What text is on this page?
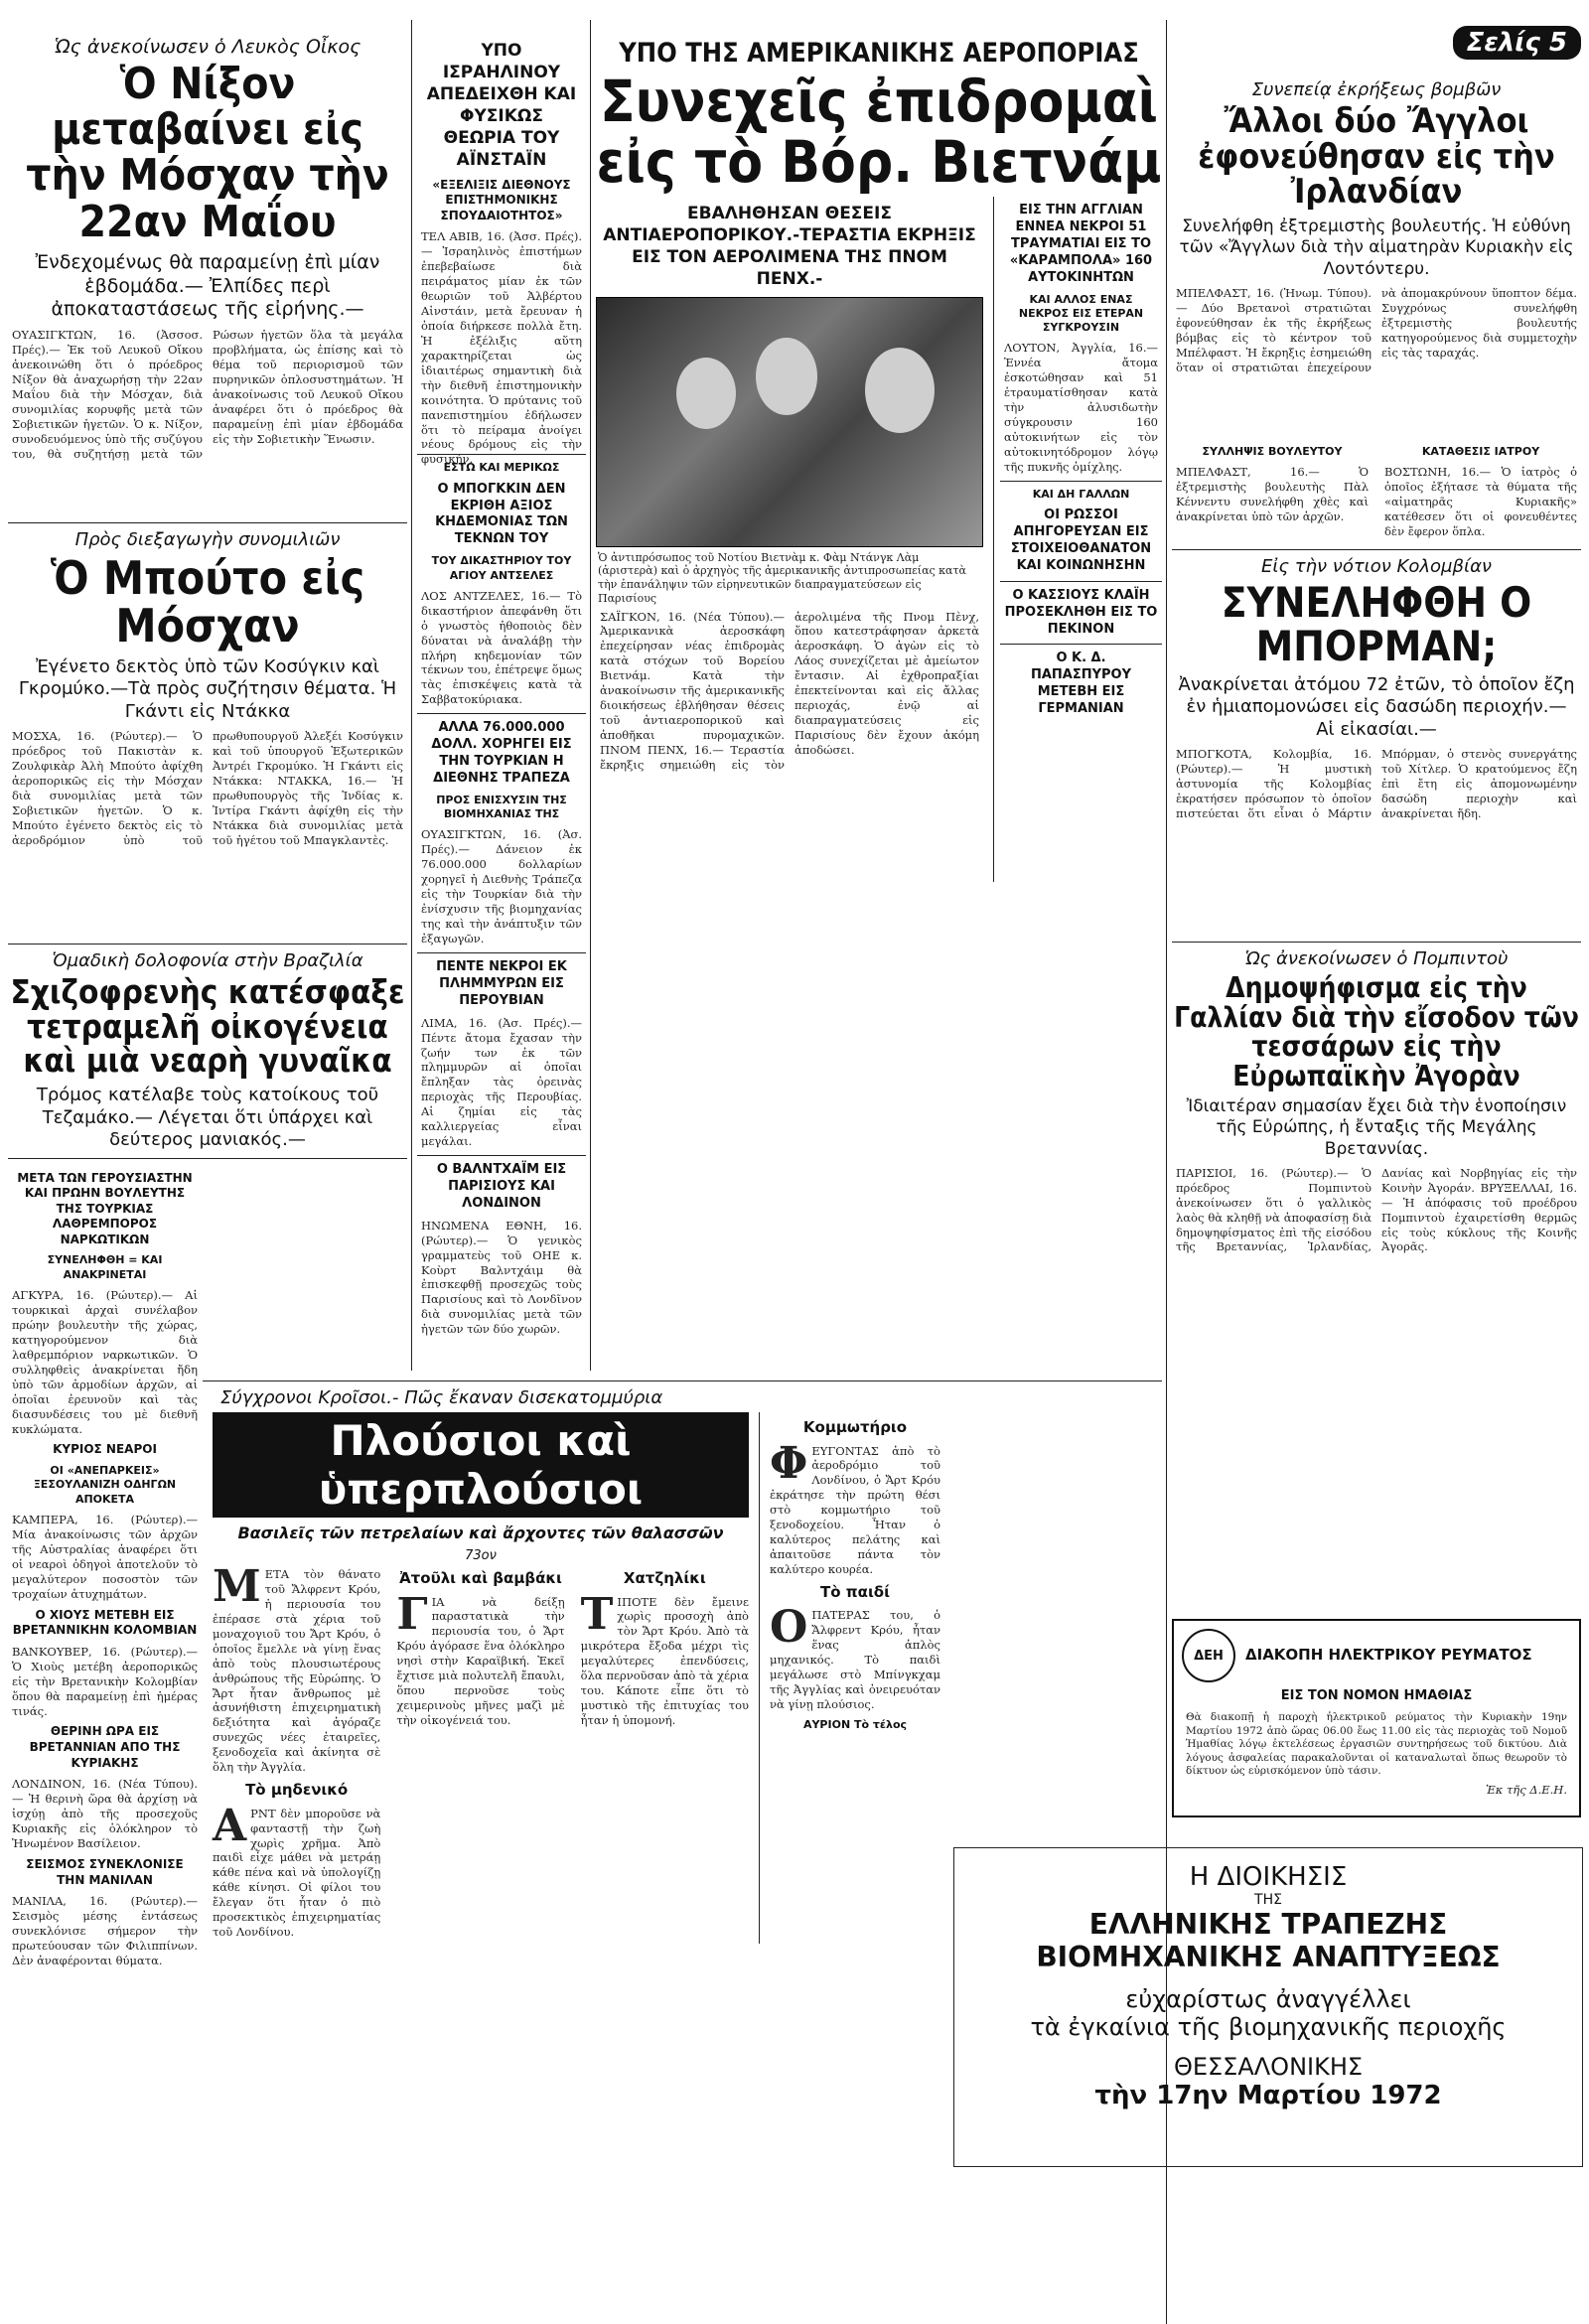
Ὡς ἀνεκοίνωσεν ὁ Λευκὸς Οἶκος
Ὁ Νίξον μεταβαίνει εἰς τὴν Μόσχαν τὴν 22αν Μαΐου
Ἐνδεχομένως θὰ παραμείνῃ ἐπὶ μίαν ἑβδομάδα.— Ἐλπίδες περὶ ἀποκαταστάσεως τῆς εἰρήνης.—
ΟΥΑΣΙΓΚΤΩΝ, 16. (Ἀσσοσ. Πρές).— Ἐκ τοῦ Λευκοῦ Οἴκου ἀνεκοινώθη ὅτι ὁ πρόεδρος Νίξον θὰ ἀναχωρήσῃ τὴν 22αν Μαΐου διὰ τὴν Μόσχαν, διὰ συνομιλίας κορυφῆς μετὰ τῶν Σοβιετικῶν ἡγετῶν. Ὁ κ. Νίξον, συνοδευόμενος ὑπὸ τῆς συζύγου του, θὰ συζητήσῃ μετὰ τῶν Ρώσων ἡγετῶν ὅλα τὰ μεγάλα προβλήματα, ὡς ἐπίσης καὶ τὸ θέμα τοῦ περιορισμοῦ τῶν πυρηνικῶν ὁπλοσυστημάτων. Ἡ ἀνακοίνωσις τοῦ Λευκοῦ Οἴκου ἀναφέρει ὅτι ὁ πρόεδρος θὰ παραμείνῃ ἐπὶ μίαν ἑβδομάδα εἰς τὴν Σοβιετικὴν Ἕνωσιν.
Πρὸς διεξαγωγὴν συνομιλιῶν
Ὁ Μπούτο εἰς Μόσχαν
Ἐγένετο δεκτὸς ὑπὸ τῶν Κοσύγκιν καὶ Γκρομύκο.—Τὰ πρὸς συζήτησιν θέματα. Ἡ Γκάντι εἰς Ντάκκα
ΜΟΣΧΑ, 16. (Ρώυτερ).— Ὁ πρόεδρος τοῦ Πακιστὰν κ. Ζουλφικὰρ Ἀλὴ Μπούτο ἀφίχθη ἀεροπορικῶς εἰς τὴν Μόσχαν διὰ συνομιλίας μετὰ τῶν Σοβιετικῶν ἡγετῶν. Ὁ κ. Μπούτο ἐγένετο δεκτὸς εἰς τὸ ἀεροδρόμιον ὑπὸ τοῦ πρωθυπουργοῦ Ἀλεξέι Κοσύγκιν καὶ τοῦ ὑπουργοῦ Ἐξωτερικῶν Ἀντρέι Γκρομύκο. Ἡ Γκάντι εἰς Ντάκκα: ΝΤΑΚΚΑ, 16.— Ἡ πρωθυπουργὸς τῆς Ἰνδίας κ. Ἰντίρα Γκάντι ἀφίχθη εἰς τὴν Ντάκκα διὰ συνομιλίας μετὰ τοῦ ἡγέτου τοῦ Μπαγκλαντὲς.
Ὁμαδικὴ δολοφονία στὴν Βραζιλία
Σχιζοφρενὴς κατέσφαξε τετραμελῆ οἰκογένεια καὶ μιὰ νεαρὴ γυναῖκα
Τρόμος κατέλαβε τοὺς κατοίκους τοῦ Τεζαμάκο.— Λέγεται ὅτι ὑπάρχει καὶ δεύτερος μανιακός.—
ΜΕΤΑ ΤΩΝ ΓΕΡΟΥΣΙΑΣΤΗΝ ΚΑΙ ΠΡΩΗΝ ΒΟΥΛΕΥΤΗΣ ΤΗΣ ΤΟΥΡΚΙΑΣ ΛΑΘΡΕΜΠΟΡΟΣ ΝΑΡΚΩΤΙΚΩΝ
ΣΥΝΕΛΗΦΘΗ = ΚΑΙ ΑΝΑΚΡΙΝΕΤΑΙ
ΑΓΚΥΡΑ, 16. (Ρώυτερ).— Αἱ τουρκικαὶ ἀρχαὶ συνέλαβον πρώην βουλευτὴν τῆς χώρας, κατηγορούμενον διὰ λαθρεμπόριον ναρκωτικῶν. Ὁ συλληφθεὶς ἀνακρίνεται ἤδη ὑπὸ τῶν ἀρμοδίων ἀρχῶν, αἱ ὁποῖαι ἐρευνοῦν καὶ τὰς διασυνδέσεις του μὲ διεθνῆ κυκλώματα.
ΚΥΡΙΟΣ ΝΕΑΡΟΙ
ΟΙ «ΑΝΕΠΑΡΚΕΙΣ» ΞΕΣΟΥΛΑΝΙΖΗ ΟΔΗΓΩΝ ΑΠΟΚΕΤΑ
ΚΑΜΠΕΡΑ, 16. (Ρώυτερ).— Μία ἀνακοίνωσις τῶν ἀρχῶν τῆς Αὐστραλίας ἀναφέρει ὅτι οἱ νεαροὶ ὁδηγοὶ ἀποτελοῦν τὸ μεγαλύτερον ποσοστὸν τῶν τροχαίων ἀτυχημάτων.
Ο ΧΙΟΥΣ ΜΕΤΕΒΗ ΕΙΣ ΒΡΕΤΑΝΝΙΚΗΝ ΚΟΛΟΜΒΙΑΝ
ΒΑΝΚΟΥΒΕΡ, 16. (Ρώυτερ).— Ὁ Χιοὺς μετέβη ἀεροπορικῶς εἰς τὴν Βρετανικὴν Κολομβίαν ὅπου θὰ παραμείνῃ ἐπὶ ἡμέρας τινάς.
ΘΕΡΙΝΗ ΩΡΑ ΕΙΣ ΒΡΕΤΑΝΝΙΑΝ ΑΠΟ ΤΗΣ ΚΥΡΙΑΚΗΣ
ΛΟΝΔΙΝΟΝ, 16. (Νέα Τύπου).— Ἡ θερινὴ ὥρα θὰ ἀρχίσῃ νὰ ἰσχύῃ ἀπὸ τῆς προσεχοῦς Κυριακῆς εἰς ὁλόκληρον τὸ Ἡνωμένον Βασίλειον.
ΣΕΙΣΜΟΣ ΣΥΝΕΚΛΟΝΙΣΕ ΤΗΝ ΜΑΝΙΛΑΝ
ΜΑΝΙΛΑ, 16. (Ρώυτερ).— Σεισμὸς μέσης ἐντάσεως συνεκλόνισε σήμερον τὴν πρωτεύουσαν τῶν Φιλιππίνων. Δὲν ἀναφέρονται θύματα.
ΥΠΟ ΙΣΡΑΗΛΙΝΟΥ ΑΠΕΔΕΙΧΘΗ ΚΑΙ ΦΥΣΙΚΩΣ ΘΕΩΡΙΑ ΤΟΥ ΑΪΝΣΤΑΪΝ
«ΕΞΕΛΙΞΙΣ ΔΙΕΘΝΟΥΣ ΕΠΙΣΤΗΜΟΝΙΚΗΣ ΣΠΟΥΔΑΙΟΤΗΤΟΣ»
ΤΕΛ ΑΒΙΒ, 16. (Ἀσσ. Πρές).— Ἰσραηλινὸς ἐπιστήμων ἐπεβεβαίωσε διὰ πειράματος μίαν ἐκ τῶν θεωριῶν τοῦ Ἀλβέρτου Αἰνστάιν, μετὰ ἔρευναν ἡ ὁποία διήρκεσε πολλὰ ἔτη. Ἡ ἐξέλιξις αὕτη χαρακτηρίζεται ὡς ἰδιαιτέρως σημαντικὴ διὰ τὴν διεθνῆ ἐπιστημονικὴν κοινότητα. Ὁ πρύτανις τοῦ πανεπιστημίου ἐδήλωσεν ὅτι τὸ πείραμα ἀνοίγει νέους δρόμους εἰς τὴν φυσικήν.
ΕΣΤΩ ΚΑΙ ΜΕΡΙΚΩΣ
Ο ΜΠΟΓΚΚΙΝ ΔΕΝ ΕΚΡΙΘΗ ΑΞΙΟΣ ΚΗΔΕΜΟΝΙΑΣ ΤΩΝ ΤΕΚΝΩΝ ΤΟΥ
ΤΟΥ ΔΙΚΑΣΤΗΡΙΟΥ ΤΟΥ ΑΓΙΟΥ ΑΝΤΣΕΛΕΣ
ΛΟΣ ΑΝΤΖΕΛΕΣ, 16.— Τὸ δικαστήριον ἀπεφάνθη ὅτι ὁ γνωστὸς ἠθοποιὸς δὲν δύναται νὰ ἀναλάβῃ τὴν πλήρη κηδεμονίαν τῶν τέκνων του, ἐπέτρεψε ὅμως τὰς ἐπισκέψεις κατὰ τὰ Σαββατοκύριακα.
ΑΛΛΑ 76.000.000 ΔΟΛΛ. ΧΟΡΗΓΕΙ ΕΙΣ ΤΗΝ ΤΟΥΡΚΙΑΝ Η ΔΙΕΘΝΗΣ ΤΡΑΠΕΖΑ
ΠΡΟΣ ΕΝΙΣΧΥΣΙΝ ΤΗΣ ΒΙΟΜΗΧΑΝΙΑΣ ΤΗΣ
ΟΥΑΣΙΓΚΤΩΝ, 16. (Ἀσ. Πρές).— Δάνειον ἐκ 76.000.000 δολλαρίων χορηγεῖ ἡ Διεθνὴς Τράπεζα εἰς τὴν Τουρκίαν διὰ τὴν ἐνίσχυσιν τῆς βιομηχανίας της καὶ τὴν ἀνάπτυξιν τῶν ἐξαγωγῶν.
ΠΕΝΤΕ ΝΕΚΡΟΙ ΕΚ ΠΛΗΜΜΥΡΩΝ ΕΙΣ ΠΕΡΟΥΒΙΑΝ
ΛΙΜΑ, 16. (Ἀσ. Πρές).— Πέντε ἄτομα ἔχασαν τὴν ζωήν των ἐκ τῶν πλημμυρῶν αἱ ὁποῖαι ἔπληξαν τὰς ὀρεινὰς περιοχὰς τῆς Περουβίας. Αἱ ζημίαι εἰς τὰς καλλιεργείας εἶναι μεγάλαι.
Ο ΒΑΛΝΤΧΑΪΜ ΕΙΣ ΠΑΡΙΣΙΟΥΣ ΚΑΙ ΛΟΝΔΙΝΟΝ
ΗΝΩΜΕΝΑ ΕΘΝΗ, 16. (Ρώυτερ).— Ὁ γενικὸς γραμματεὺς τοῦ ΟΗΕ κ. Κοὺρτ Βαλντχάιμ θὰ ἐπισκεφθῇ προσεχῶς τοὺς Παρισίους καὶ τὸ Λονδῖνον διὰ συνομιλίας μετὰ τῶν ἡγετῶν τῶν δύο χωρῶν.
ΥΠΟ ΤΗΣ ΑΜΕΡΙΚΑΝΙΚΗΣ ΑΕΡΟΠΟΡΙΑΣ
Συνεχεῖς ἐπιδρομαὶ εἰς τὸ Βόρ. Βιετνάμ
ΕΒΑΛΗΘΗΣΑΝ ΘΕΣΕΙΣ ΑΝΤΙΑΕΡΟΠΟΡΙΚΟΥ.-ΤΕΡΑΣΤΙΑ ΕΚΡΗΞΙΣ ΕΙΣ ΤΟΝ ΑΕΡΟΛΙΜΕΝΑ ΤΗΣ ΠΝΟΜ ΠΕΝΧ.-
Ὁ ἀντιπρόσωπος τοῦ Νοτίου Βιετνὰμ κ. Φὰμ Ντάνγκ Λὰμ (ἀριστερὰ) καὶ ὁ ἀρχηγὸς τῆς ἀμερικανικῆς ἀντιπροσωπείας κατὰ τὴν ἐπανάληψιν τῶν εἰρηνευτικῶν διαπραγματεύσεων εἰς Παρισίους
ΣΑΪΓΚΟΝ, 16. (Νέα Τύπου).— Ἀμερικανικὰ ἀεροσκάφη ἐπεχείρησαν νέας ἐπιδρομὰς κατὰ στόχων τοῦ Βορείου Βιετνάμ. Κατὰ τὴν ἀνακοίνωσιν τῆς ἀμερικανικῆς διοικήσεως ἐβλήθησαν θέσεις τοῦ ἀντιαεροπορικοῦ καὶ ἀποθῆκαι πυρομαχικῶν. ΠΝΟΜ ΠΕΝΧ, 16.— Τεραστία ἔκρηξις σημειώθη εἰς τὸν ἀερολιμένα τῆς Πνομ Πὲνχ, ὅπου κατεστράφησαν ἀρκετὰ ἀεροσκάφη. Ὁ ἀγὼν εἰς τὸ Λάος συνεχίζεται μὲ ἀμείωτον ἔντασιν. Αἱ ἐχθροπραξίαι ἐπεκτείνονται καὶ εἰς ἄλλας περιοχάς, ἐνῷ αἱ διαπραγματεύσεις εἰς Παρισίους δὲν ἔχουν ἀκόμη ἀποδώσει.
ΕΙΣ ΤΗΝ ΑΓΓΛΙΑΝ ΕΝΝΕΑ ΝΕΚΡΟΙ 51 ΤΡΑΥΜΑΤΙΑΙ ΕΙΣ ΤΟ «ΚΑΡΑΜΠΟΛΑ» 160 ΑΥΤΟΚΙΝΗΤΩΝ
ΚΑΙ ΑΛΛΟΣ ΕΝΑΣ ΝΕΚΡΟΣ ΕΙΣ ΕΤΕΡΑΝ ΣΥΓΚΡΟΥΣΙΝ
ΛΟΥΤΟΝ, Ἀγγλία, 16.— Ἐννέα ἄτομα ἐσκοτώθησαν καὶ 51 ἐτραυματίσθησαν κατὰ τὴν ἀλυσιδωτὴν σύγκρουσιν 160 αὐτοκινήτων εἰς τὸν αὐτοκινητόδρομον λόγῳ τῆς πυκνῆς ὀμίχλης.
ΚΑΙ ΔΗ ΓΑΛΛΩΝ
ΟΙ ΡΩΣΣΟΙ ΑΠΗΓΟΡΕΥΣΑΝ ΕΙΣ ΣΤΟΙΧΕΙΟΘΑΝΑΤΟΝ ΚΑΙ ΚΟΙΝΩΝΗΣΗΝ
Ο ΚΑΣΣΙΟΥΣ ΚΛΑΪΗ ΠΡΟΣΕΚΛΗΘΗ ΕΙΣ ΤΟ ΠΕΚΙΝΟΝ
Ο Κ. Δ. ΠΑΠΑΣΠΥΡΟΥ ΜΕΤΕΒΗ ΕΙΣ ΓΕΡΜΑΝΙΑΝ
Σελίς 5
Συνεπείᾳ ἐκρήξεως βομβῶν
Ἄλλοι δύο Ἄγγλοι ἐφονεύθησαν εἰς τὴν Ἰρλανδίαν
Συνελήφθη ἐξτρεμιστὴς βουλευτής. Ἡ εὐθύνη τῶν «Ἄγγλων διὰ τὴν αἱματηρὰν Κυριακὴν εἰς Λοντόντερυ.
ΜΠΕΛΦΑΣΤ, 16. (Ἡνωμ. Τύπου).— Δύο Βρετανοὶ στρατιῶται ἐφονεύθησαν ἐκ τῆς ἐκρήξεως βόμβας εἰς τὸ κέντρον τοῦ Μπέλφαστ. Ἡ ἔκρηξις ἐσημειώθη ὅταν οἱ στρατιῶται ἐπεχείρουν νὰ ἀπομακρύνουν ὕποπτον δέμα. Συγχρόνως συνελήφθη ἐξτρεμιστὴς βουλευτής κατηγορούμενος διὰ συμμετοχὴν εἰς τὰς ταραχάς.
ΣΥΛΛΗΨΙΣ ΒΟΥΛΕΥΤΟΥ
ΜΠΕΛΦΑΣΤ, 16.— Ὁ ἐξτρεμιστὴς βουλευτὴς Πὰλ Κέννεντυ συνελήφθη χθὲς καὶ ἀνακρίνεται ὑπὸ τῶν ἀρχῶν.
ΚΑΤΑΘΕΣΙΣ ΙΑΤΡΟΥ
ΒΟΣΤΩΝΗ, 16.— Ὁ ἰατρὸς ὁ ὁποῖος ἐξήτασε τὰ θύματα τῆς «αἱματηρᾶς Κυριακῆς» κατέθεσεν ὅτι οἱ φονευθέντες δὲν ἔφερον ὅπλα.
Εἰς τὴν νότιον Κολομβίαν
ΣΥΝΕΛΗΦΘΗ Ο ΜΠΟΡΜΑΝ;
Ἀνακρίνεται ἀτόμου 72 ἐτῶν, τὸ ὁποῖον ἔζη ἐν ἡμιαπομονώσει εἰς δασώδη περιοχήν.— Αἱ εἰκασίαι.—
ΜΠΟΓΚΟΤΑ, Κολομβία, 16. (Ρώυτερ).— Ἡ μυστικὴ ἀστυνομία τῆς Κολομβίας ἐκρατήσεν πρόσωπον τὸ ὁποῖον πιστεύεται ὅτι εἶναι ὁ Μάρτιν Μπόρμαν, ὁ στενὸς συνεργάτης τοῦ Χίτλερ. Ὁ κρατούμενος ἔζη ἐπὶ ἔτη εἰς ἀπομονωμένην δασώδη περιοχὴν καὶ ἀνακρίνεται ἤδη.
Ὡς ἀνεκοίνωσεν ὁ Πομπιντοὺ
Δημοψήφισμα εἰς τὴν Γαλλίαν διὰ τὴν εἴσοδον τῶν τεσσάρων εἰς τὴν Εὐρωπαϊκὴν Ἀγορὰν
Ἰδιαιτέραν σημασίαν ἔχει διὰ τὴν ἑνοποίησιν τῆς Εὐρώπης, ἡ ἔνταξις τῆς Μεγάλης Βρεταννίας.
ΠΑΡΙΣΙΟΙ, 16. (Ρώυτερ).— Ὁ πρόεδρος Πομπιντοὺ ἀνεκοίνωσεν ὅτι ὁ γαλλικὸς λαὸς θὰ κληθῇ νὰ ἀποφασίσῃ διὰ δημοψηφίσματος ἐπὶ τῆς εἰσόδου τῆς Βρεταννίας, Ἰρλανδίας, Δανίας καὶ Νορβηγίας εἰς τὴν Κοινὴν Ἀγοράν. ΒΡΥΞΕΛΛΑΙ, 16.— Ἡ ἀπόφασις τοῦ προέδρου Πομπιντοὺ ἐχαιρετίσθη θερμῶς εἰς τοὺς κύκλους τῆς Κοινῆς Ἀγορᾶς.
Σύγχρονοι Κροῖσοι.- Πῶς ἔκαναν δισεκατομμύρια
Πλούσιοι καὶ ὑπερπλούσιοι
Βασιλεῖς τῶν πετρελαίων καὶ ἄρχοντες τῶν θαλασσῶν
73ον
ΜΕΤΑ τὸν θάνατο τοῦ Ἄλφρεντ Κρόυ, ἡ περιουσία του ἐπέρασε στὰ χέρια τοῦ μοναχογιοῦ του Ἄρτ Κρόυ, ὁ ὁποῖος ἔμελλε νὰ γίνῃ ἕνας ἀπὸ τοὺς πλουσιωτέρους ἀνθρώπους τῆς Εὐρώπης. Ὁ Ἄρτ ἦταν ἄνθρωπος μὲ ἀσυνήθιστη ἐπιχειρηματικὴ δεξιότητα καὶ ἀγόραζε συνεχῶς νέες ἐταιρεῖες, ξενοδοχεῖα καὶ ἀκίνητα σὲ ὅλη τὴν Ἀγγλία.
Τὸ μηδενικό
ΑΡΝΤ δὲν μποροῦσε νὰ φανταστῇ τὴν ζωὴ χωρὶς χρῆμα. Ἀπὸ παιδὶ εἶχε μάθει νὰ μετράῃ κάθε πένα καὶ νὰ ὑπολογίζῃ κάθε κίνησι. Οἱ φίλοι του ἔλεγαν ὅτι ἦταν ὁ πιὸ προσεκτικὸς ἐπιχειρηματίας τοῦ Λονδίνου.
Ἀτοῦλι καὶ βαμβάκι
ΓΙΑ νὰ δείξῃ παραστατικὰ τὴν περιουσία του, ὁ Ἄρτ Κρόυ ἀγόρασε ἕνα ὁλόκληρο νησὶ στὴν Καραϊβική. Ἐκεῖ ἔχτισε μιὰ πολυτελῆ ἔπαυλι, ὅπου περνοῦσε τοὺς χειμερινοὺς μῆνες μαζὶ μὲ τὴν οἰκογένειά του.
Χατζηλίκι
ΤΙΠΟΤΕ δὲν ἔμεινε χωρὶς προσοχὴ ἀπὸ τὸν Ἄρτ Κρόυ. Ἀπὸ τὰ μικρότερα ἔξοδα μέχρι τὶς μεγαλύτερες ἐπενδύσεις, ὅλα περνοῦσαν ἀπὸ τὰ χέρια του. Κάποτε εἶπε ὅτι τὸ μυστικὸ τῆς ἐπιτυχίας του ἦταν ἡ ὑπομονή.
Κομμωτήριο
ΦΕΥΓΟΝΤΑΣ ἀπὸ τὸ ἀεροδρόμιο τοῦ Λονδίνου, ὁ Ἄρτ Κρόυ ἐκράτησε τὴν πρώτη θέσι στὸ κομμωτήριο τοῦ ξενοδοχείου. Ἦταν ὁ καλύτερος πελάτης καὶ ἀπαιτοῦσε πάντα τὸν καλύτερο κουρέα.
Τὸ παιδί
ΟΠΑΤΕΡΑΣ του, ὁ Ἄλφρεντ Κρόυ, ἦταν ἕνας ἁπλὸς μηχανικός. Τὸ παιδὶ μεγάλωσε στὸ Μπίνγκχαμ τῆς Ἀγγλίας καὶ ὀνειρευόταν νὰ γίνῃ πλούσιος.
ΑΥΡΙΟΝ Τὸ τέλος
ΔΕΗ	ΔΙΑΚΟΠΗ ΗΛΕΚΤΡΙΚΟΥ ΡΕΥΜΑΤΟΣ
ΕΙΣ ΤΟΝ ΝΟΜΟΝ ΗΜΑΘΙΑΣ
Θὰ διακοπῇ ἡ παροχὴ ἠλεκτρικοῦ ρεύματος τὴν Κυριακὴν 19ην Μαρτίου 1972 ἀπὸ ὥρας 06.00 ἕως 11.00 εἰς τὰς περιοχὰς τοῦ Νομοῦ Ἡμαθίας λόγῳ ἐκτελέσεως ἐργασιῶν συντηρήσεως τοῦ δικτύου. Διὰ λόγους ἀσφαλείας παρακαλοῦνται οἱ καταναλωταὶ ὅπως θεωροῦν τὸ δίκτυον ὡς εὑρισκόμενον ὑπὸ τάσιν.
Ἐκ τῆς Δ.Ε.Η.
Η ΔΙΟΙΚΗΣΙΣ
ΤΗΣ
ΕΛΛΗΝΙΚΗΣ ΤΡΑΠΕΖΗΣ
ΒΙΟΜΗΧΑΝΙΚΗΣ ΑΝΑΠΤΥΞΕΩΣ
εὐχαρίστως ἀναγγέλλει
τὰ ἐγκαίνια τῆς βιομηχανικῆς περιοχῆς
ΘΕΣΣΑΛΟΝΙΚΗΣ
τὴν 17ην Μαρτίου 1972
